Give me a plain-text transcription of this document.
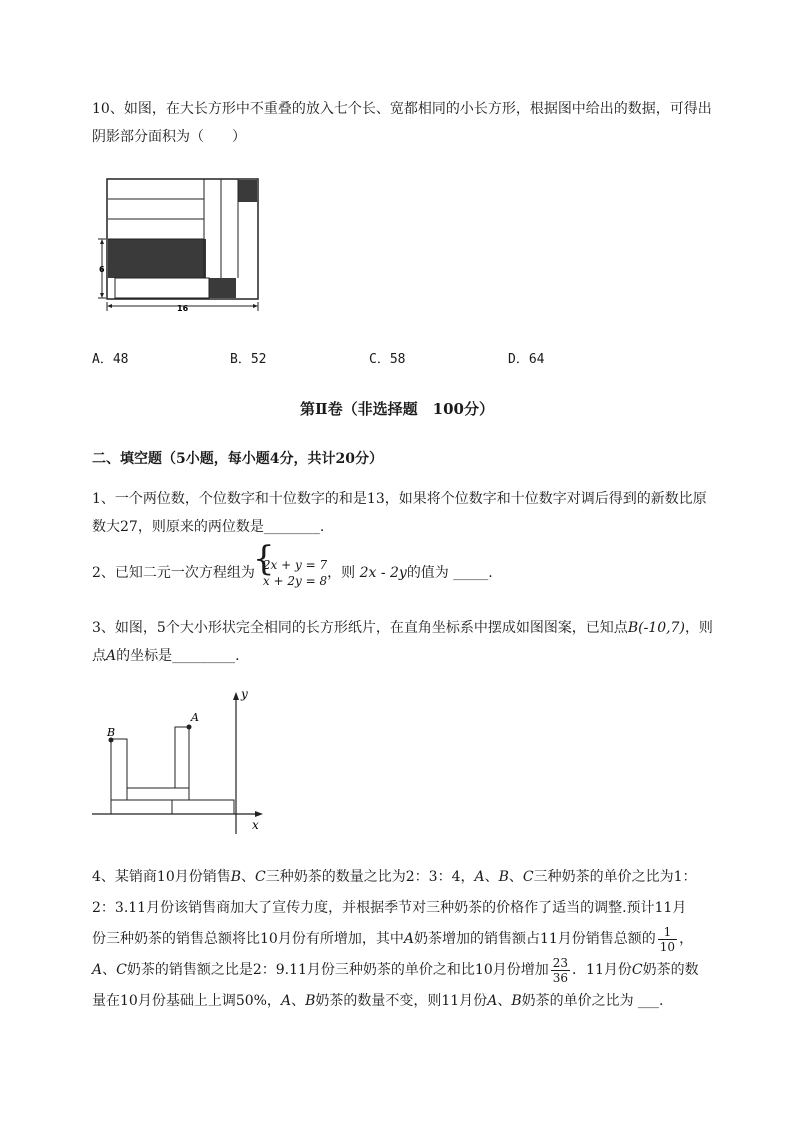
10、如图，在大长方形中不重叠的放入七个长、宽都相同的小长方形，根据图中给出的数据，可得出
阴影部分面积为（　　）
6
16
A．48	B．52	C．58	D．64
第Ⅱ卷（非选择题　100分）
二、填空题（5小题，每小题4分，共计20分）
1、一个两位数，个位数字和十位数字的和是13，如果将个位数字和十位数字对调后得到的新数比原
数大27，则原来的两位数是________.
2、已知二元一次方程组为
{ 2x + y = 7
x + 2y = 8 ，则 2x - 2y的值为 _____.
3、如图，5个大小形状完全相同的长方形纸片，在直角坐标系中摆成如图图案，已知点B(-10,7)，则
点A的坐标是_________.
y
x
B
A
4、某销商10月份销售B、C三种奶茶的数量之比为2：3：4，A、B、C三种奶茶的单价之比为1：
2：3.11月份该销售商加大了宣传力度，并根据季节对三种奶茶的价格作了适当的调整.预计11月
份三种奶茶的销售总额将比10月份有所增加，其中A奶茶增加的销售额占11月份销售总额的 $\frac{1}{10}$ ，
A、C奶茶的销售额之比是2：9.11月份三种奶茶的单价之和比10月份增加 $\frac{23}{36}$ ．11月份C奶茶的数
量在10月份基础上上调50%，A、B奶茶的数量不变，则11月份A、B奶茶的单价之比为 ___.
